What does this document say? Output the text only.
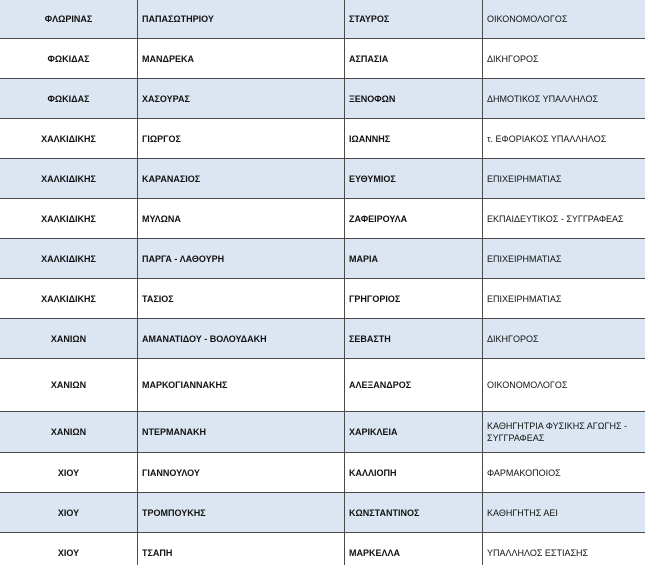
ΦΛΩΡΙΝΑΣ	ΠΑΠΑΣΩΤΗΡΙΟΥ	ΣΤΑΥΡΟΣ	ΟΙΚΟΝΟΜΟΛΟΓΟΣ
ΦΩΚΙΔΑΣ	ΜΑΝΔΡΕΚΑ	ΑΣΠΑΣΙΑ	ΔΙΚΗΓΟΡΟΣ
ΦΩΚΙΔΑΣ	ΧΑΣΟΥΡΑΣ	ΞΕΝΟΦΩΝ	ΔΗΜΟΤΙΚΟΣ ΥΠΑΛΛΗΛΟΣ
ΧΑΛΚΙΔΙΚΗΣ	ΓΙΩΡΓΟΣ	ΙΩΑΝΝΗΣ	τ. ΕΦΟΡΙΑΚΟΣ ΥΠΑΛΛΗΛΟΣ
ΧΑΛΚΙΔΙΚΗΣ	ΚΑΡΑΝΑΣΙΟΣ	ΕΥΘΥΜΙΟΣ	ΕΠΙΧΕΙΡΗΜΑΤΙΑΣ
ΧΑΛΚΙΔΙΚΗΣ	ΜΥΛΩΝΑ	ΖΑΦΕΙΡΟΥΛΑ	ΕΚΠΑΙΔΕΥΤΙΚΟΣ - ΣΥΓΓΡΑΦΕΑΣ
ΧΑΛΚΙΔΙΚΗΣ	ΠΑΡΓΑ - ΛΑΘΟΥΡΗ	ΜΑΡΙΑ	ΕΠΙΧΕΙΡΗΜΑΤΙΑΣ
ΧΑΛΚΙΔΙΚΗΣ	ΤΑΣΙΟΣ	ΓΡΗΓΟΡΙΟΣ	ΕΠΙΧΕΙΡΗΜΑΤΙΑΣ
ΧΑΝΙΩΝ	ΑΜΑΝΑΤΙΔΟΥ - ΒΟΛΟΥΔΑΚΗ	ΣΕΒΑΣΤΗ	ΔΙΚΗΓΟΡΟΣ
ΧΑΝΙΩΝ	ΜΑΡΚΟΓΙΑΝΝΑΚΗΣ	ΑΛΕΞΑΝΔΡΟΣ	ΟΙΚΟΝΟΜΟΛΟΓΟΣ
ΧΑΝΙΩΝ	ΝΤΕΡΜΑΝΑΚΗ	ΧΑΡΙΚΛΕΙΑ	ΚΑΘΗΓΗΤΡΙΑ ΦΥΣΙΚΗΣ ΑΓΩΓΗΣ - ΣΥΓΓΡΑΦΕΑΣ
ΧΙΟΥ	ΓΙΑΝΝΟΥΛΟΥ	ΚΑΛΛΙΟΠΗ	ΦΑΡΜΑΚΟΠΟΙΟΣ
ΧΙΟΥ	ΤΡΟΜΠΟΥΚΗΣ	ΚΩΝΣΤΑΝΤΙΝΟΣ	ΚΑΘΗΓΗΤΗΣ ΑΕΙ
ΧΙΟΥ	ΤΣΑΠΗ	ΜΑΡΚΕΛΛΑ	ΥΠΑΛΛΗΛΟΣ ΕΣΤΙΑΣΗΣ
